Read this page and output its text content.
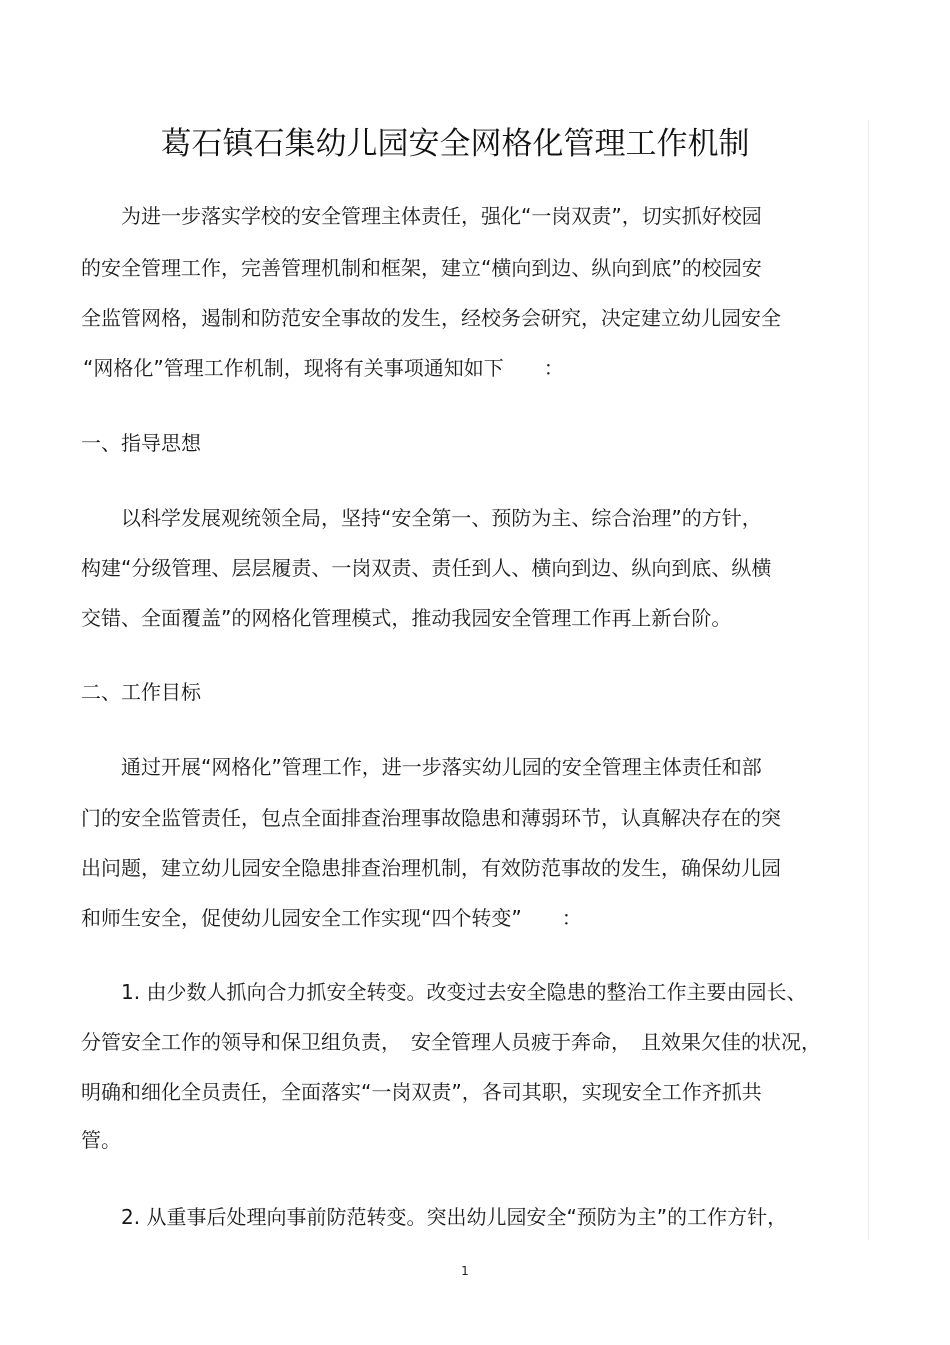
葛石镇石集幼儿园安全网格化管理工作机制
为进一步落实学校的安全管理主体责任，强化“一岗双责”，切实抓好校园
的安全管理工作，完善管理机制和框架，建立“横向到边、纵向到底”的校园安
全监管网格，遏制和防范安全事故的发生，经校务会研究，决定建立幼儿园安全
“网格化”管理工作机制，现将有关事项通知如下　　：
一、指导思想
以科学发展观统领全局，坚持“安全第一、预防为主、综合治理”的方针，
构建“分级管理、层层履责、一岗双责、责任到人、横向到边、纵向到底、纵横
交错、全面覆盖”的网格化管理模式，推动我园安全管理工作再上新台阶。
二、工作目标
通过开展“网格化”管理工作，进一步落实幼儿园的安全管理主体责任和部
门的安全监管责任，包点全面排查治理事故隐患和薄弱环节，认真解决存在的突
出问题，建立幼儿园安全隐患排查治理机制，有效防范事故的发生，确保幼儿园
和师生安全，促使幼儿园安全工作实现“四个转变”　　：
1. 由少数人抓向合力抓安全转变。改变过去安全隐患的整治工作主要由园长、
分管安全工作的领导和保卫组负责，　安全管理人员疲于奔命，　且效果欠佳的状况，
明确和细化全员责任，全面落实“一岗双责”，各司其职，实现安全工作齐抓共
管。
2. 从重事后处理向事前防范转变。突出幼儿园安全“预防为主”的工作方针，
1
